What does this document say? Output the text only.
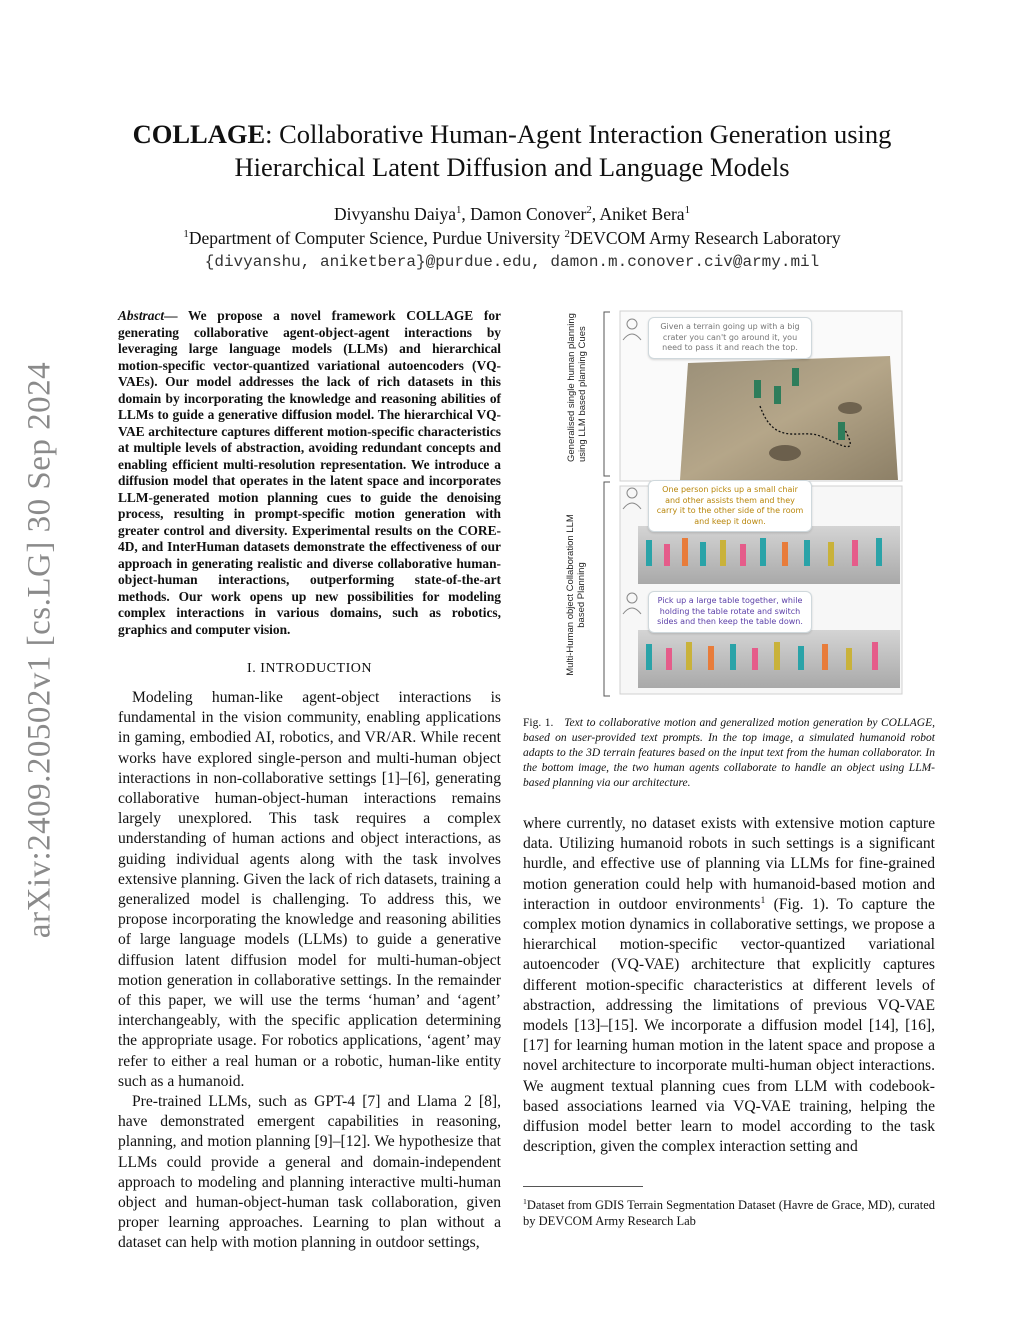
arXiv:2409.20502v1 [cs.LG] 30 Sep 2024
COLLAGE: Collaborative Human-Agent Interaction Generation using
Hierarchical Latent Diffusion and Language Models
Divyanshu Daiya$^1$, Damon Conover$^2$, Aniket Bera$^1$
$^1$Department of Computer Science, Purdue University $^2$DEVCOM Army Research Laboratory
{divyanshu, aniketbera}@purdue.edu, damon.m.conover.civ@army.mil
Abstract— We propose a novel framework COLLAGE for generating collaborative agent-object-agent interactions by leveraging large language models (LLMs) and hierarchical motion-specific vector-quantized variational autoencoders (VQ-VAEs). Our model addresses the lack of rich datasets in this domain by incorporating the knowledge and reasoning abilities of LLMs to guide a generative diffusion model. The hierarchical VQ-VAE architecture captures different motion-specific characteristics at multiple levels of abstraction, avoiding redundant concepts and enabling efficient multi-resolution representation. We introduce a diffusion model that operates in the latent space and incorporates LLM-generated motion planning cues to guide the denoising process, resulting in prompt-specific motion generation with greater control and diversity. Experimental results on the CORE-4D, and InterHuman datasets demonstrate the effectiveness of our approach in generating realistic and diverse collaborative human-object-human interactions, outperforming state-of-the-art methods. Our work opens up new possibilities for modeling complex interactions in various domains, such as robotics, graphics and computer vision.
I. INTRODUCTION

Modeling human-like agent-object interactions is fundamental in the vision community, enabling applications in gaming, embodied AI, robotics, and VR/AR. While recent works have explored single-person and multi-human object interactions in non-collaborative settings [1]–[6], generating collaborative human-object-human interactions remains largely unexplored. This task requires a complex understanding of human actions and object interactions, as guiding individual agents along with the task involves extensive planning. Given the lack of rich datasets, training a generalized model is challenging. To address this, we propose incorporating the knowledge and reasoning abilities of large language models (LLMs) to guide a generative diffusion latent diffusion model for multi-human-object motion generation in collaborative settings. In the remainder of this paper, we will use the terms ‘human’ and ‘agent’ interchangeably, with the specific application determining the appropriate usage. For robotics applications, ‘agent’ may refer to either a real human or a robotic, human-like entity such as a humanoid.

Pre-trained LLMs, such as GPT-4 [7] and Llama 2 [8], have demonstrated emergent capabilities in reasoning, planning, and motion planning [9]–[12]. We hypothesize that LLMs could provide a general and domain-independent approach to modeling and planning interactive multi-human object and human-object-human task collaboration, given proper learning approaches. Learning to plan without a dataset can help with motion planning in outdoor settings,

Generalised single human planning using LLM based planning Cues
Multi-Human object Collaboration LLM based Planning
Given a terrain going up with a big crater you can't go around it, you need to pass it and reach the top.
One person picks up a small chair and other assists them and they carry it to the other side of the room and keep it down.
Pick up a large table together, while holding the table rotate and switch sides and then keep the table down.
Fig. 1. Text to collaborative motion and generalized motion generation by COLLAGE, based on user-provided text prompts. In the top image, a simulated humanoid robot adapts to the 3D terrain features based on the input text from the human collaborator. In the bottom image, the two human agents collaborate to handle an object using LLM-based planning via our architecture.

where currently, no dataset exists with extensive motion capture data. Utilizing humanoid robots in such settings is a significant hurdle, and effective use of planning via LLMs for fine-grained motion generation could help with humanoid-based motion and interaction in outdoor environments$^1$ (Fig. 1). To capture the complex motion dynamics in collaborative settings, we propose a hierarchical motion-specific vector-quantized variational autoencoder (VQ-VAE) architecture that explicitly captures different motion-specific characteristics at different levels of abstraction, addressing the limitations of previous VQ-VAE models [13]–[15]. We incorporate a diffusion model [14], [16], [17] for learning human motion in the latent space and propose a novel architecture to incorporate multi-human object interactions. We augment textual planning cues from LLM with codebook-based associations learned via VQ-VAE training, helping the diffusion model better learn to model according to the task description, given the complex interaction setting and

$^1$Dataset from GDIS Terrain Segmentation Dataset (Havre de Grace, MD), curated by DEVCOM Army Research Lab
